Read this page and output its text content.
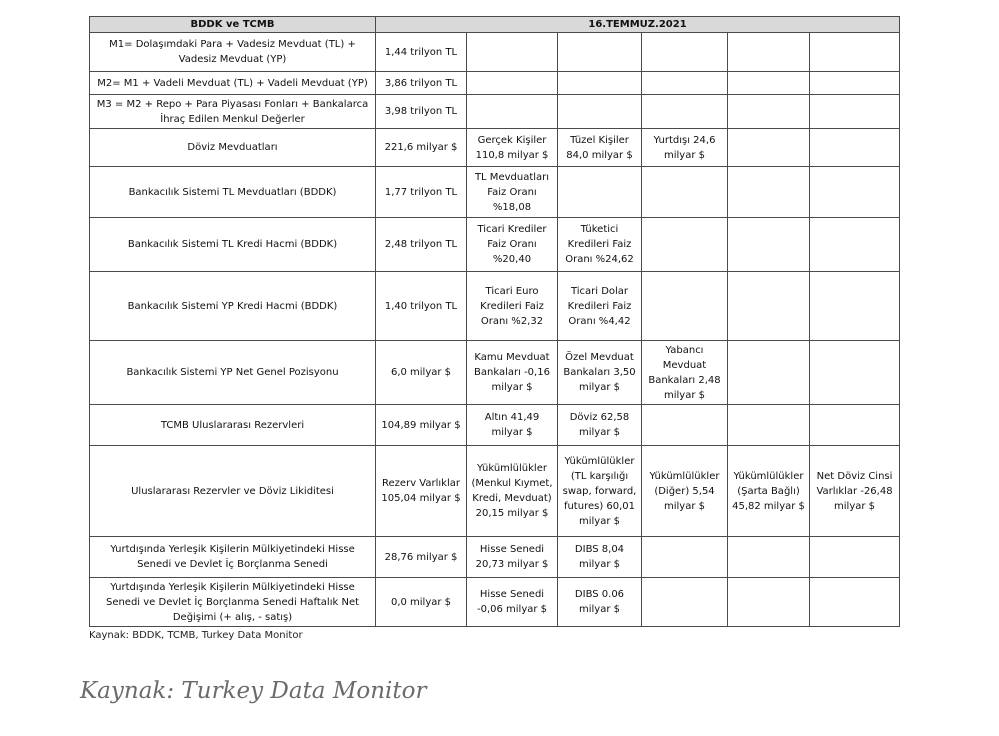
BDDK ve TCMB	16.TEMMUZ.2021					
M1= Dolaşımdaki Para + Vadesiz Mevduat (TL) + Vadesiz Mevduat (YP)	1,44 trilyon TL					
M2= M1 + Vadeli Mevduat (TL) + Vadeli Mevduat (YP)	3,86 trilyon TL					
M3 = M2 + Repo + Para Piyasası Fonları + Bankalarca İhraç Edilen Menkul Değerler	3,98 trilyon TL					
Döviz Mevduatları	221,6 milyar $	Gerçek Kişiler 110,8 milyar $	Tüzel Kişiler 84,0 milyar $	Yurtdışı 24,6 milyar $		
Bankacılık Sistemi TL Mevduatları (BDDK)	1,77 trilyon TL	TL Mevduatları Faiz Oranı %18,08				
Bankacılık Sistemi TL Kredi Hacmi (BDDK)	2,48 trilyon TL	Ticari Krediler Faiz Oranı %20,40	Tüketici Kredileri Faiz Oranı %24,62			
Bankacılık Sistemi YP Kredi Hacmi (BDDK)	1,40 trilyon TL	Ticari Euro Kredileri Faiz Oranı %2,32	Ticari Dolar Kredileri Faiz Oranı %4,42			
Bankacılık Sistemi YP Net Genel Pozisyonu	6,0 milyar $	Kamu Mevduat Bankaları -0,16 milyar $	Özel Mevduat Bankaları 3,50 milyar $	Yabancı Mevduat Bankaları 2,48 milyar $		
TCMB Uluslararası Rezervleri	104,89 milyar $	Altın 41,49 milyar $	Döviz 62,58 milyar $			
Uluslararası Rezervler ve Döviz Likiditesi	Rezerv Varlıklar 105,04 milyar $	Yükümlülükler (Menkul Kıymet, Kredi, Mevduat) 20,15 milyar $	Yükümlülükler (TL karşılığı swap, forward, futures) 60,01 milyar $	Yükümlülükler (Diğer) 5,54 milyar $	Yükümlülükler (Şarta Bağlı) 45,82 milyar $	Net Döviz Cinsi Varlıklar -26,48 milyar $
Yurtdışında Yerleşik Kişilerin Mülkiyetindeki Hisse Senedi ve Devlet İç Borçlanma Senedi	28,76 milyar $	Hisse Senedi 20,73 milyar $	DIBS 8,04 milyar $			
Yurtdışında Yerleşik Kişilerin Mülkiyetindeki Hisse Senedi ve Devlet İç Borçlanma Senedi Haftalık Net Değişimi (+ alış, - satış)	0,0 milyar $	Hisse Senedi -0,06 milyar $	DIBS 0.06 milyar $			
Kaynak: BDDK, TCMB, Turkey Data Monitor
Kaynak: Turkey Data Monitor
